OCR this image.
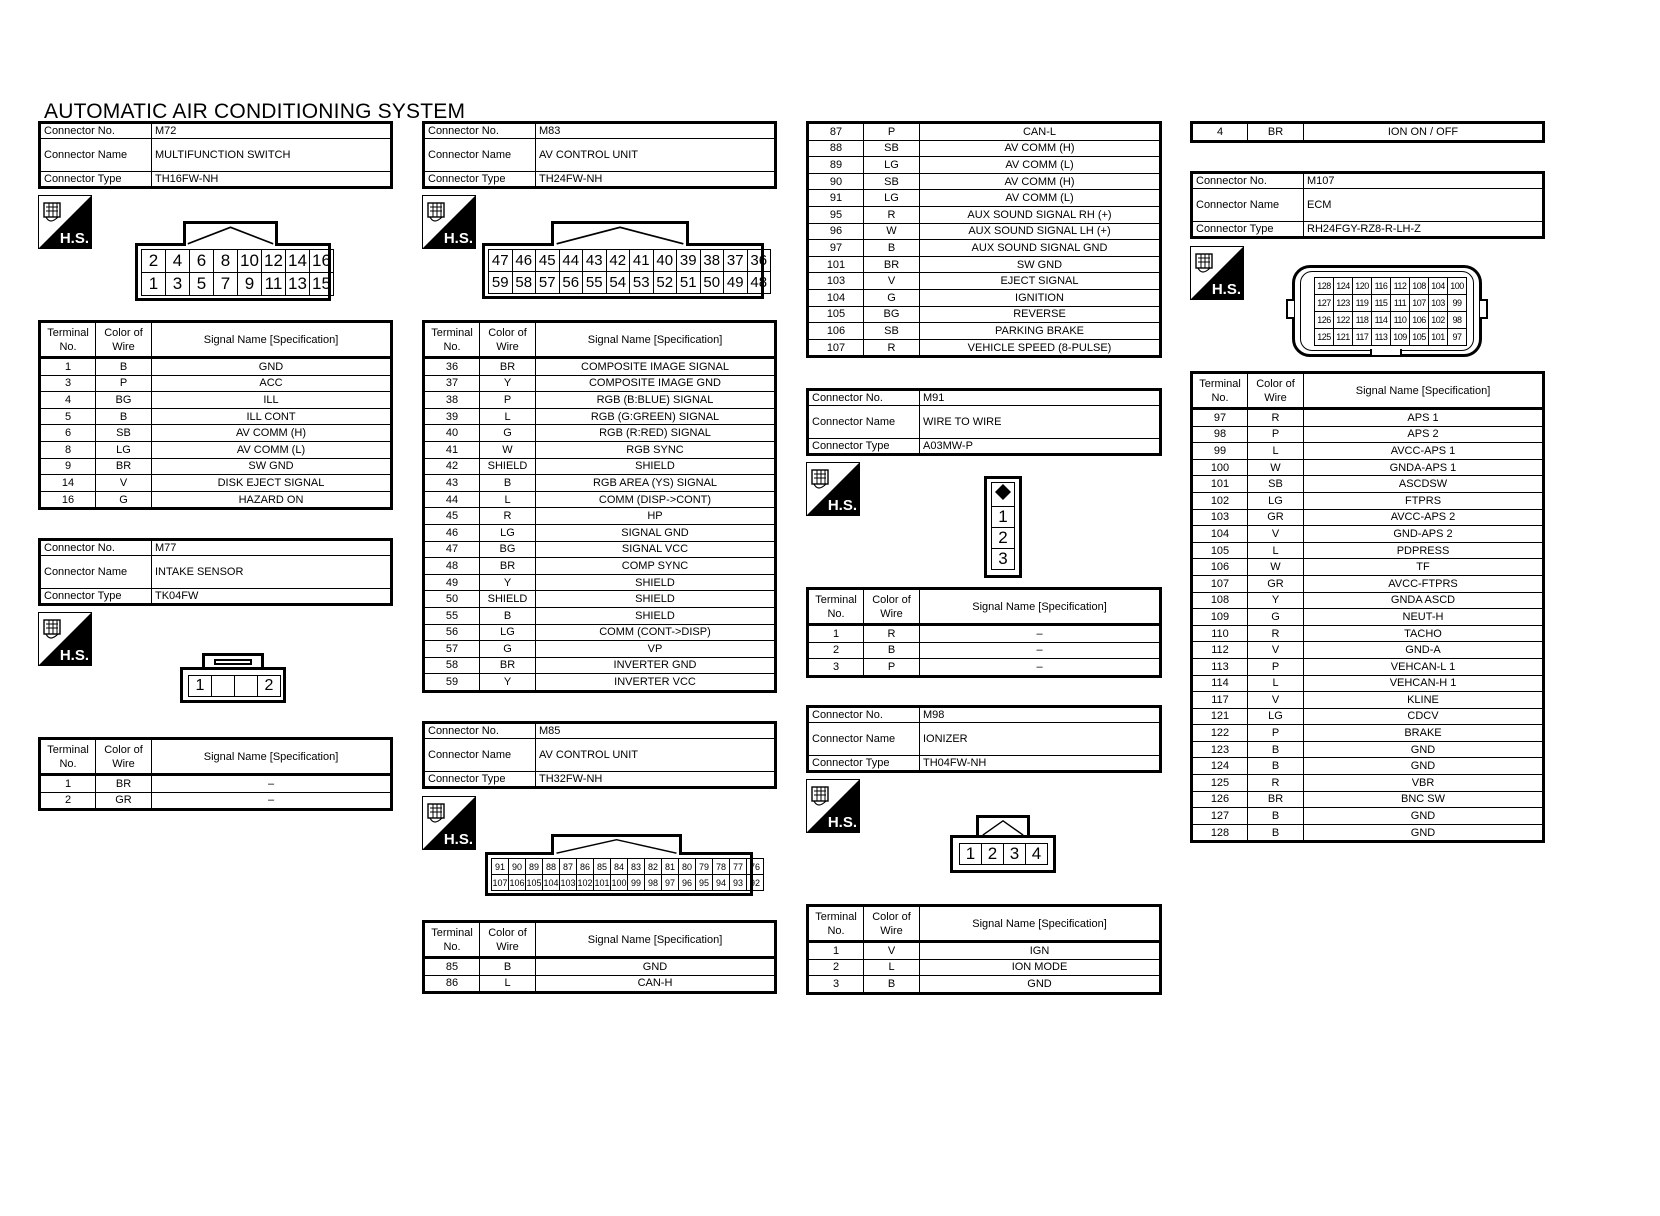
AUTOMATIC AIR CONDITIONING SYSTEM
Connector No.	M72
Connector Name	MULTIFUNCTION SWITCH
Connector Type	TH16FW-NH
H.S.
2	4	6	8	10	12	14	16
1	3	5	7	9	11	13	15
Terminal No.	Color of Wire	Signal Name [Specification]
1	B	GND
3	P	ACC
4	BG	ILL
5	B	ILL CONT
6	SB	AV COMM (H)
8	LG	AV COMM (L)
9	BR	SW GND
14	V	DISK EJECT SIGNAL
16	G	HAZARD ON
Connector No.	M77
Connector Name	INTAKE SENSOR
Connector Type	TK04FW
H.S.
1			2
Terminal No.	Color of Wire	Signal Name [Specification]
1	BR	–
2	GR	–
Connector No.	M83
Connector Name	AV CONTROL UNIT
Connector Type	TH24FW-NH
H.S.
47	46	45	44	43	42	41	40	39	38	37	36
59	58	57	56	55	54	53	52	51	50	49	48
Terminal No.	Color of Wire	Signal Name [Specification]
36	BR	COMPOSITE IMAGE SIGNAL
37	Y	COMPOSITE IMAGE GND
38	P	RGB (B:BLUE) SIGNAL
39	L	RGB (G:GREEN) SIGNAL
40	G	RGB (R:RED) SIGNAL
41	W	RGB SYNC
42	SHIELD	SHIELD
43	B	RGB AREA (YS) SIGNAL
44	L	COMM (DISP->CONT)
45	R	HP
46	LG	SIGNAL GND
47	BG	SIGNAL VCC
48	BR	COMP SYNC
49	Y	SHIELD
50	SHIELD	SHIELD
55	B	SHIELD
56	LG	COMM (CONT->DISP)
57	G	VP
58	BR	INVERTER GND
59	Y	INVERTER VCC
Connector No.	M85
Connector Name	AV CONTROL UNIT
Connector Type	TH32FW-NH
H.S.
91	90	89	88	87	86	85	84	83	82	81	80	79	78	77	76
107	106	105	104	103	102	101	100	99	98	97	96	95	94	93	92
Terminal No.	Color of Wire	Signal Name [Specification]
85	B	GND
86	L	CAN-H
87	P	CAN-L
88	SB	AV COMM (H)
89	LG	AV COMM (L)
90	SB	AV COMM (H)
91	LG	AV COMM (L)
95	R	AUX SOUND SIGNAL RH (+)
96	W	AUX SOUND SIGNAL LH (+)
97	B	AUX SOUND SIGNAL GND
101	BR	SW GND
103	V	EJECT SIGNAL
104	G	IGNITION
105	BG	REVERSE
106	SB	PARKING BRAKE
107	R	VEHICLE SPEED (8-PULSE)
Connector No.	M91
Connector Name	WIRE TO WIRE
Connector Type	A03MW-P
H.S.

1
2
3
Terminal No.	Color of Wire	Signal Name [Specification]
1	R	–
2	B	–
3	P	–
Connector No.	M98
Connector Name	IONIZER
Connector Type	TH04FW-NH
H.S.
1	2	3	4
Terminal No.	Color of Wire	Signal Name [Specification]
1	V	IGN
2	L	ION MODE
3	B	GND
4	BR	ION ON / OFF
Connector No.	M107
Connector Name	ECM
Connector Type	RH24FGY-RZ8-R-LH-Z
H.S.	128	124	120	116	112	108	104	100
127	123	119	115	111	107	103	99
126	122	118	114	110	106	102	98
125	121	117	113	109	105	101	97
Terminal No.	Color of Wire	Signal Name [Specification]
97	R	APS 1
98	P	APS 2
99	L	AVCC-APS 1
100	W	GNDA-APS 1
101	SB	ASCDSW
102	LG	FTPRS
103	GR	AVCC-APS 2
104	V	GND-APS 2
105	L	PDPRESS
106	W	TF
107	GR	AVCC-FTPRS
108	Y	GNDA ASCD
109	G	NEUT-H
110	R	TACHO
112	V	GND-A
113	P	VEHCAN-L 1
114	L	VEHCAN-H 1
117	V	KLINE
121	LG	CDCV
122	P	BRAKE
123	B	GND
124	B	GND
125	R	VBR
126	BR	BNC SW
127	B	GND
128	B	GND
